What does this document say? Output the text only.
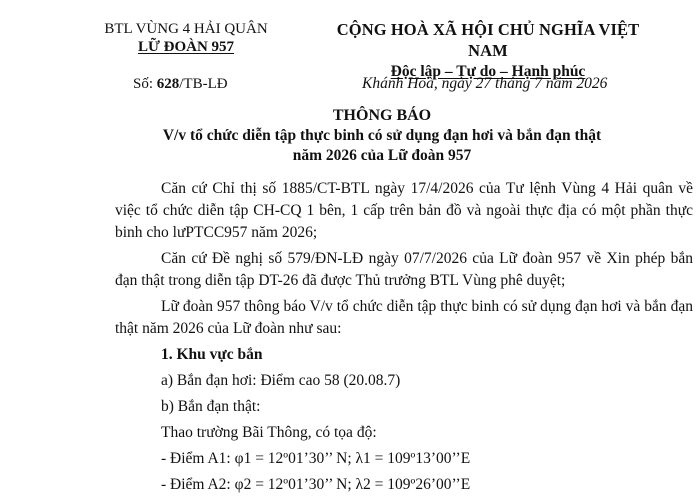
BTL VÙNG 4 HẢI QUÂN
LỮ ĐOÀN 957
CỘNG HOÀ XÃ HỘI CHỦ NGHĨA VIỆT NAM
Độc lập – Tự do – Hạnh phúc
Số: 628/TB-LĐ	Khánh Hoà, ngày 27 tháng 7 năm 2026
THÔNG BÁO
V/v tổ chức diễn tập thực binh có sử dụng đạn hơi và bắn đạn thật
năm 2026 của Lữ đoàn 957

Căn cứ Chỉ thị số 1885/CT-BTL ngày 17/4/2026 của Tư lệnh Vùng 4 Hải quân về việc tổ chức diễn tập CH-CQ 1 bên, 1 cấp trên bản đồ và ngoài thực địa có một phần thực binh cho lưPTCC957 năm 2026;

Căn cứ Đề nghị số 579/ĐN-LĐ ngày 07/7/2026 của Lữ đoàn 957 về Xin phép bắn đạn thật trong diễn tập DT-26 đã được Thủ trưởng BTL Vùng phê duyệt;

Lữ đoàn 957 thông báo V/v tổ chức diễn tập thực binh có sử dụng đạn hơi và bắn đạn thật năm 2026 của Lữ đoàn như sau:

1. Khu vực bắn

a) Bắn đạn hơi: Điểm cao 58 (20.08.7)

b) Bắn đạn thật:

Thao trường Bãi Thông, có tọa độ:

- Điểm A1: φ1 = 12º01’30’’ N; λ1 = 109º13’00’’E

- Điểm A2: φ2 = 12º01’30’’ N; λ2 = 109º26’00’’E
